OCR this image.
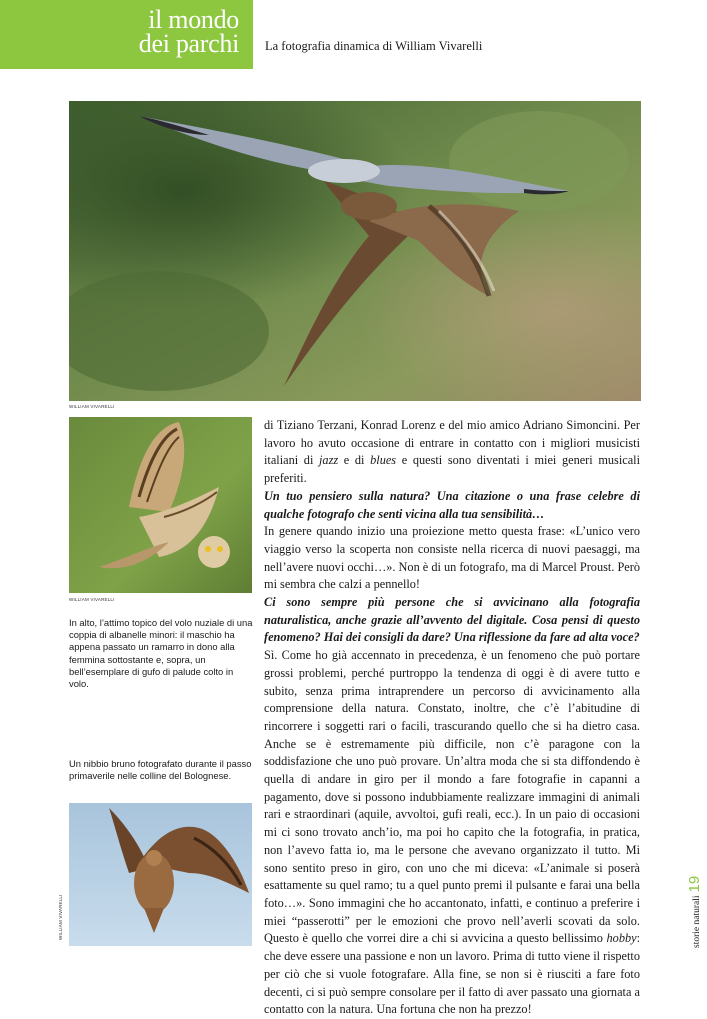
il mondo
dei parchi La fotografia dinamica di William Vivarelli
WILLIAM VIVARELLI
WILLIAM VIVARELLI
In alto, l’attimo topico del volo nuziale di una coppia di albanelle minori: il maschio ha appena passato un ramarro in dono alla femmina sottostante e, sopra, un bell’esemplare di gufo di palude colto in volo.
Un nibbio bruno fotografato durante il passo primaverile nelle colline del Bolognese.
WILLIAM VIVARELLI

di Tiziano Terzani, Konrad Lorenz e del mio amico Adriano Simoncini. Per lavoro ho avuto occasione di entrare in contatto con i migliori musicisti italiani di jazz e di blues e questi sono diventati i miei generi musicali preferiti.

Un tuo pensiero sulla natura? Una citazione o una frase celebre di qualche fotografo che senti vicina alla tua sensibilità…

In genere quando inizio una proiezione metto questa frase: «L’unico vero viaggio verso la scoperta non consiste nella ricerca di nuovi paesaggi, ma nell’avere nuovi occhi…». Non è di un fotografo, ma di Marcel Proust. Però mi sembra che calzi a pennello!

Ci sono sempre più persone che si avvicinano alla fotografia naturalistica, anche grazie all’avvento del digitale. Cosa pensi di questo fenomeno? Hai dei consigli da dare? Una riflessione da fare ad alta voce?

Sì. Come ho già accennato in precedenza, è un fenomeno che può portare grossi problemi, perché purtroppo la tendenza di oggi è di avere tutto e subito, senza prima intraprendere un percorso di avvicinamento alla comprensione della natura. Constato, inoltre, che c’è l’abitudine di rincorrere i soggetti rari o facili, trascurando quello che si ha dietro casa. Anche se è estremamente più difficile, non c’è paragone con la soddisfazione che uno può provare. Un’altra moda che si sta diffondendo è quella di andare in giro per il mondo a fare fotografie in capanni a pagamento, dove si possono indubbiamente realizzare immagini di animali rari e straordinari (aquile, avvoltoi, gufi reali, ecc.). In un paio di occasioni mi ci sono trovato anch’io, ma poi ho capito che la fotografia, in pratica, non l’avevo fatta io, ma le persone che avevano organizzato il tutto. Mi sono sentito preso in giro, con uno che mi diceva: «L’animale si poserà esattamente su quel ramo; tu a quel punto premi il pulsante e farai una bella foto…». Sono immagini che ho accantonato, infatti, e continuo a preferire i miei “passerotti” per le emozioni che provo nell’averli scovati da solo. Questo è quello che vorrei dire a chi si avvicina a questo bellissimo hobby: che deve essere una passione e non un lavoro. Prima di tutto viene il rispetto per ciò che si vuole fotografare. Alla fine, se non si è riusciti a fare foto decenti, ci si può sempre consolare per il fatto di aver passato una giornata a contatto con la natura. Una fortuna che non ha prezzo!

storie naturali19
